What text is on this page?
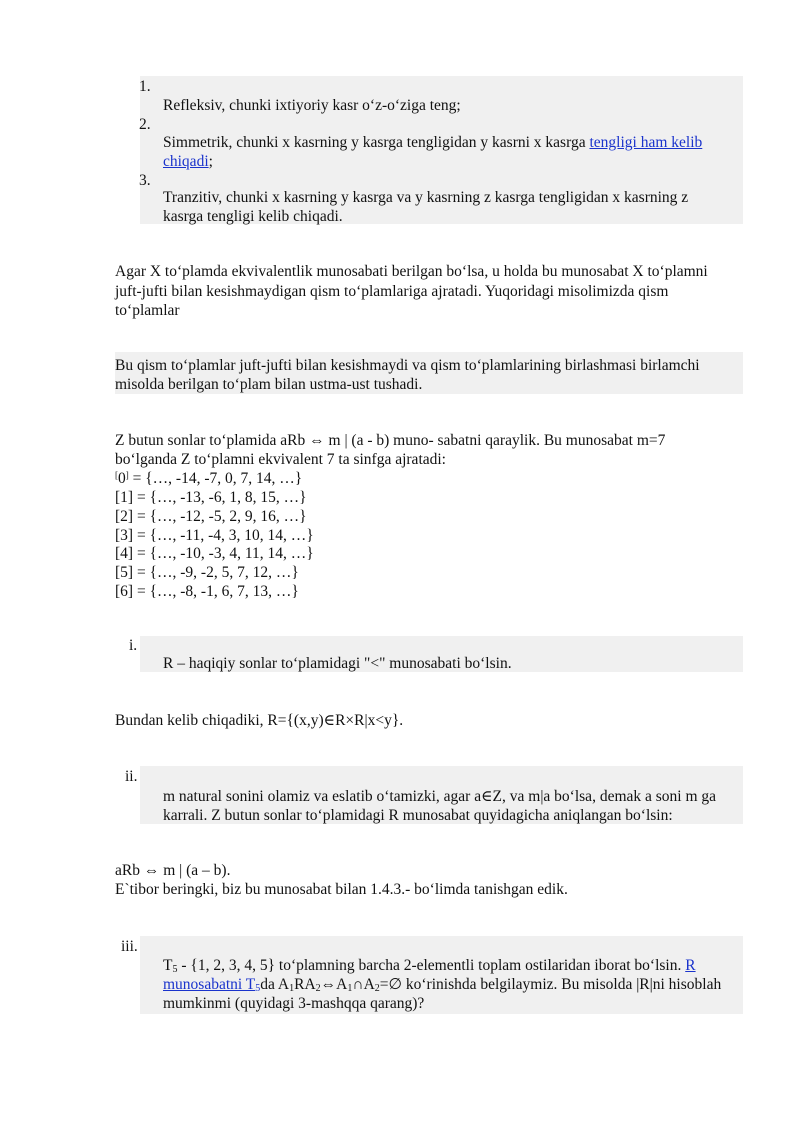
1.
Refleksiv, chunki ixtiyoriy kasr o‘z-o‘ziga teng;
2.
Simmetrik, chunki x kasrning y kasrga tengligidan y kasrni x kasrga tengligi ham kelib
chiqadi;
3.
Tranzitiv, chunki x kasrning y kasrga va y kasrning z kasrga tengligidan x kasrning z
kasrga tengligi kelib chiqadi.
Agar X to‘plamda ekvivalentlik munosabati berilgan bo‘lsa, u holda bu munosabat X to‘plamni
juft-jufti bilan kesishmaydigan qism to‘plamlariga ajratadi. Yuqoridagi misolimizda qism
to‘plamlar
Bu qism to‘plamlar juft-jufti bilan kesishmaydi va qism to‘plamlarining birlashmasi birlamchi
misolda berilgan to‘plam bilan ustma-ust tushadi.
Z butun sonlar to‘plamida aRb ⇔ m | (a - b) muno- sabatni qaraylik. Bu munosabat m=7
bo‘lganda Z to‘plamni ekvivalent 7 ta sinfga ajratadi:
[0] = {…, -14, -7, 0, 7, 14, …}
[1] = {…, -13, -6, 1, 8, 15, …}
[2] = {…, -12, -5, 2, 9, 16, …}
[3] = {…, -11, -4, 3, 10, 14, …}
[4] = {…, -10, -3, 4, 11, 14, …}
[5] = {…, -9, -2, 5, 7, 12, …}
[6] = {…, -8, -1, 6, 7, 13, …}
i.
R – haqiqiy sonlar to‘plamidagi "<" munosabati bo‘lsin.
Bundan kelib chiqadiki, R={(x,y)∈R×R|x<y}.
ii.
m natural sonini olamiz va eslatib o‘tamizki, agar a∈Z, va m|a bo‘lsa, demak a soni m ga
karrali. Z butun sonlar to‘plamidagi R munosabat quyidagicha aniqlangan bo‘lsin:
aRb ⇔ m | (a – b).
E`tibor beringki, biz bu munosabat bilan 1.4.3.- bo‘limda tanishgan edik.
iii.
$T_5 - \{1$, 2, 3, 4, 5} to‘plamning barcha 2-elementli toplam ostilaridan iborat bo‘lsin. R
munosabatni $T_5da$ $A_1RA_2\Leftrightarrow A_1\cap A_2=\emptyset$ ko‘rinishda belgilaymiz. Bu misolda |R|ni hisoblah
mumkinmi (quyidagi 3-mashqqa qarang)?
